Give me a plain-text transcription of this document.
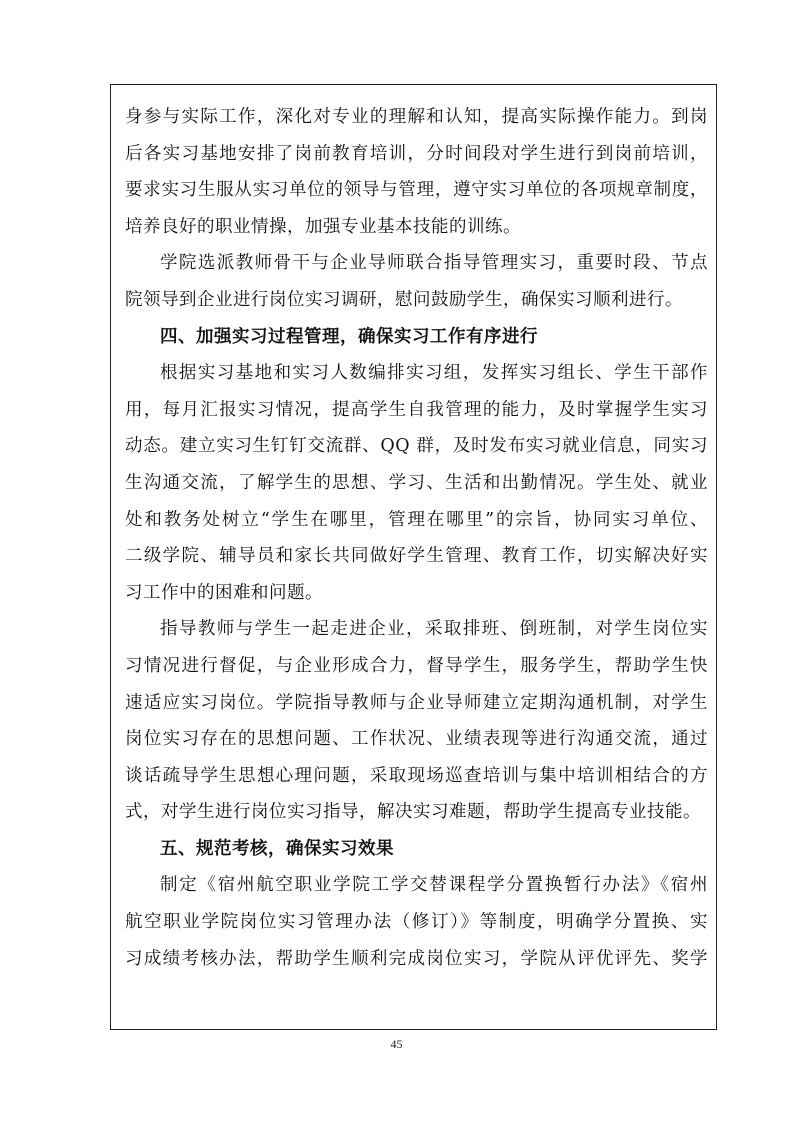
身参与实际工作，深化对专业的理解和认知，提高实际操作能力。到岗
后各实习基地安排了岗前教育培训，分时间段对学生进行到岗前培训，
要求实习生服从实习单位的领导与管理，遵守实习单位的各项规章制度，
培养良好的职业情操，加强专业基本技能的训练。
学院选派教师骨干与企业导师联合指导管理实习，重要时段、节点
院领导到企业进行岗位实习调研，慰问鼓励学生，确保实习顺利进行。
四、加强实习过程管理，确保实习工作有序进行
根据实习基地和实习人数编排实习组，发挥实习组长、学生干部作
用，每月汇报实习情况，提高学生自我管理的能力，及时掌握学生实习
动态。建立实习生钉钉交流群、QQ 群，及时发布实习就业信息，同实习
生沟通交流，了解学生的思想、学习、生活和出勤情况。学生处、就业
处和教务处树立“学生在哪里，管理在哪里”的宗旨，协同实习单位、
二级学院、辅导员和家长共同做好学生管理、教育工作，切实解决好实
习工作中的困难和问题。
指导教师与学生一起走进企业，采取排班、倒班制，对学生岗位实
习情况进行督促，与企业形成合力，督导学生，服务学生，帮助学生快
速适应实习岗位。学院指导教师与企业导师建立定期沟通机制，对学生
岗位实习存在的思想问题、工作状况、业绩表现等进行沟通交流，通过
谈话疏导学生思想心理问题，采取现场巡查培训与集中培训相结合的方
式，对学生进行岗位实习指导，解决实习难题，帮助学生提高专业技能。
五、规范考核，确保实习效果
制定《宿州航空职业学院工学交替课程学分置换暂行办法》《宿州
航空职业学院岗位实习管理办法（修订）》等制度，明确学分置换、实
习成绩考核办法，帮助学生顺利完成岗位实习，学院从评优评先、奖学
45
